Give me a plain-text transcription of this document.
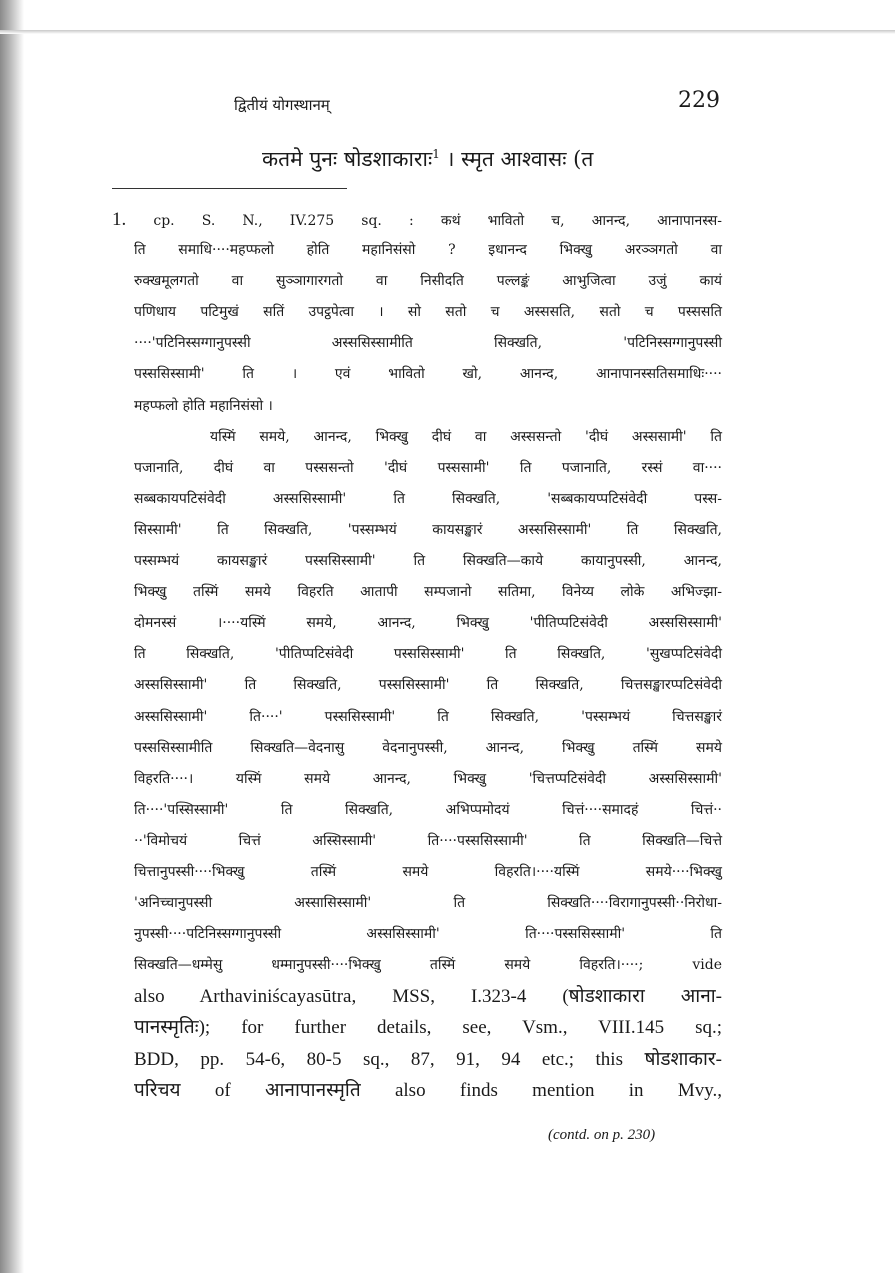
द्वितीयं योगस्थानम्	229
कतमे पुनः षोडशाकाराः$^1$ । स्मृत आश्वासः (त
1. cp. S. N., IV.275 sq. : कथं भावितो च, आनन्द, आनापानस्स-
ति समाधि····महप्फलो होति महानिसंसो ? इधानन्द भिक्खु अरञ्ञगतो वा
रुक्खमूलगतो वा सुञ्ञागारगतो वा निसीदति पल्लङ्कं आभुजित्वा उजुं कायं
पणिधाय पटिमुखं सतिं उपट्ठपेत्वा । सो सतो च अस्ससति, सतो च पस्ससति
····'पटिनिस्सग्गानुपस्सी अस्ससिस्सामीति सिक्खति, 'पटिनिस्सग्गानुपस्सी
पस्ससिस्सामी' ति । एवं भावितो खो, आनन्द, आनापानस्सतिसमाधिः····
महप्फलो होति महानिसंसो ।
यस्मिं समये, आनन्द, भिक्खु दीघं वा अस्ससन्तो 'दीघं अस्ससामी' ति
पजानाति, दीघं वा पस्ससन्तो 'दीघं पस्ससामी' ति पजानाति, रस्सं वा····
सब्बकायपटिसंवेदी अस्ससिस्सामी' ति सिक्खति, 'सब्बकायप्पटिसंवेदी पस्स-
सिस्सामी' ति सिक्खति, 'पस्सम्भयं कायसङ्खारं अस्ससिस्सामी' ति सिक्खति,
पस्सम्भयं कायसङ्खारं पस्ससिस्सामी' ति सिक्खति—काये कायानुपस्सी, आनन्द,
भिक्खु तस्मिं समये विहरति आतापी सम्पजानो सतिमा, विनेय्य लोके अभिज्झा-
दोमनस्सं ।····यस्मिं समये, आनन्द, भिक्खु 'पीतिप्पटिसंवेदी अस्ससिस्सामी'
ति सिक्खति, 'पीतिप्पटिसंवेदी पस्ससिस्सामी' ति सिक्खति, 'सुखप्पटिसंवेदी
अस्ससिस्सामी' ति सिक्खति, पस्ससिस्सामी' ति सिक्खति, चित्तसङ्खारप्पटिसंवेदी
अस्ससिस्सामी' ति····' पस्ससिस्सामी' ति सिक्खति, 'पस्सम्भयं चित्तसङ्खारं
पस्ससिस्सामीति सिक्खति—वेदनासु वेदनानुपस्सी, आनन्द, भिक्खु तस्मिं समये
विहरति····। यस्मिं समये आनन्द, भिक्खु 'चित्तप्पटिसंवेदी अस्ससिस्सामी'
ति····'पस्सिस्सामी' ति सिक्खति, अभिप्पमोदयं चित्तं····समादहं चित्तं··
··'विमोचयं चित्तं अस्सिस्सामी' ति····पस्ससिस्सामी' ति सिक्खति—चित्ते
चित्तानुपस्सी····भिक्खु तस्मिं समये विहरति।····यस्मिं समये····भिक्खु
'अनिच्चानुपस्सी अस्सासिस्सामी' ति सिक्खति····विरागानुपस्सी··निरोधा-
नुपस्सी····पटिनिस्सग्गानुपस्सी अस्ससिस्सामी' ति····पस्ससिस्सामी' ति
सिक्खति—धम्मेसु धम्मानुपस्सी····भिक्खु तस्मिं समये विहरति।····; vide
also Arthaviniścayasūtra, MSS, I.323-4 (षोडशाकारा आना-
पानस्मृतिः); for further details, see, Vsm., VIII.145 sq.;
BDD, pp. 54-6, 80-5 sq., 87, 91, 94 etc.; this षोडशाकार-
परिचय of आनापानस्मृति also finds mention in Mvy.,
(contd. on p. 230)
